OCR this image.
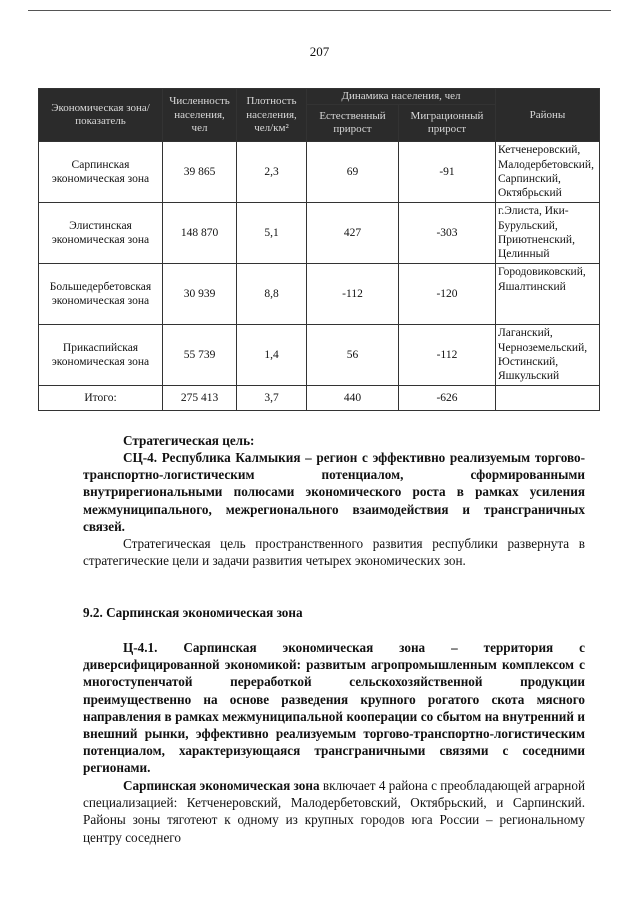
207
Экономическая зона/показатель	Численность населения, чел	Плотность населения, чел/км²	Динамика населения, чел		Районы
			Естественный прирост	Миграционный прирост	
Сарпинская экономическая зона	39 865	2,3	69	-91	Кетченеровский, Малодербетовский, Сарпинский, Октябрьский
Элистинская экономическая зона	148 870	5,1	427	-303	г.Элиста, Ики-Бурульский, Приютненский, Целинный
Большедербетовская экономическая зона	30 939	8,8	-112	-120	Городовиковский, Яшалтинский
Прикаспийская экономическая зона	55 739	1,4	56	-112	Лаганский, Черноземельский, Юстинский, Яшкульский
Итого:	275 413	3,7	440	-626	
Стратегическая цель:
СЦ-4. Республика Калмыкия – регион с эффективно реализуемым торгово-транспортно-логистическим потенциалом, сформированными внутрирегиональными полюсами экономического роста в рамках усиления межмуниципального, межрегионального взаимодействия и трансграничных связей.
Стратегическая цель пространственного развития республики развернута в стратегические цели и задачи развития четырех экономических зон.
9.2. Сарпинская экономическая зона
Ц-4.1. Сарпинская экономическая зона – территория с диверсифицированной экономикой: развитым агропромышленным комплексом с многоступенчатой переработкой сельскохозяйственной продукции преимущественно на основе разведения крупного рогатого скота мясного направления в рамках межмуниципальной кооперации со сбытом на внутренний и внешний рынки, эффективно реализуемым торгово-транспортно-логистическим потенциалом, характеризующаяся трансграничными связями с соседними регионами.
Сарпинская экономическая зона включает 4 района с преобладающей аграрной специализацией: Кетченеровский, Малодербетовский, Октябрьский, и Сарпинский. Районы зоны тяготеют к одному из крупных городов юга России – региональному центру соседнего
